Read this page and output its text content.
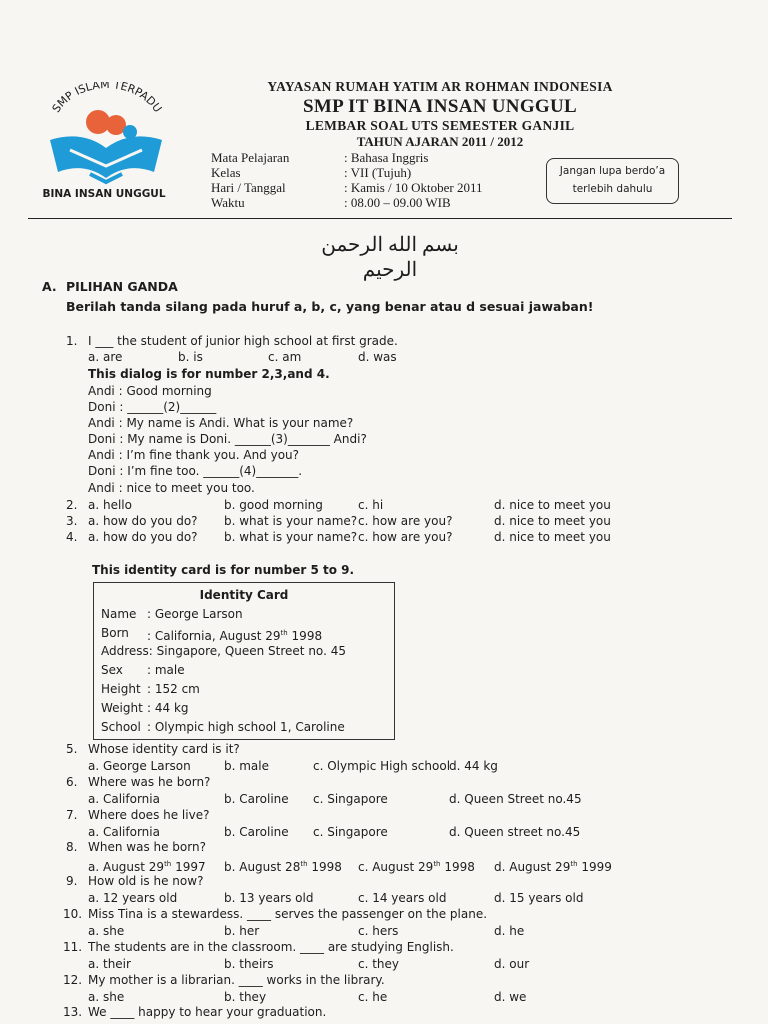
SMP ISLAM TERPADU
BINA INSAN UNGGUL
YAYASAN RUMAH YATIM AR ROHMAN INDONESIA
SMP IT BINA INSAN UNGGUL
LEMBAR SOAL UTS SEMESTER GANJIL
TAHUN AJARAN 2011 / 2012
Mata Pelajaran	: Bahasa Inggris
Kelas	: VII (Tujuh)
Hari / Tanggal	: Kamis / 10 Oktober 2011
Waktu	: 08.00 – 09.00 WIB
Jangan lupa berdo’a
terlebih dahulu
بسم الله الرحمن الرحيم
A. PILIHAN GANDA
Berilah tanda silang pada huruf a, b, c, yang benar atau d sesuai jawaban!
1. I ___ the student of junior high school at first grade.
a. are	b. is	c. am	d. was
This dialog is for number 2,3,and 4.
Andi : Good morning
Doni : ______(2)______
Andi : My name is Andi. What is your name?
Doni : My name is Doni. ______(3)_______ Andi?
Andi : I’m fine thank you. And you?
Doni : I’m fine too. ______(4)_______.
Andi : nice to meet you too.
2. a. hello	b. good morning	c. hi	d. nice to meet you
3. a. how do you do? b. what is your name? c. how are you?	d. nice to meet you
4. a. how do you do? b. what is your name? c. how are you?	d. nice to meet you
This identity card is for number 5 to 9.
Identity Card
Name : George Larson
Born : California, August 29th 1998
Address: Singapore, Queen Street no. 45
Sex : male
Height : 152 cm
Weight : 44 kg
School : Olympic high school 1, Caroline
5. Whose identity card is it?
a. George Larson	b. male	c. Olympic High school
d. 44 kg
6. Where was he born?
a. California	b. Caroline c. Singapore	d. Queen Street no.45
7. Where does he live?
a. California	b. Caroline c. Singapore	d. Queen street no.45
8. When was he born?
a. August 29th 1997 b. August 28th 1998 c. August 29th 1998 d. August 29th 1999
9. How old is he now?
a. 12 years old	b. 13 years old	c. 14 years old	d. 15 years old
10. Miss Tina is a stewardess. ____ serves the passenger on the plane.
a. she	b. her	c. hers	d. he
11. The students are in the classroom. ____ are studying English.
a. their	b. theirs	c. they	d. our
12. My mother is a librarian. ____ works in the library.
a. she	b. they	c. he	d. we
13. We ____ happy to hear your graduation.
